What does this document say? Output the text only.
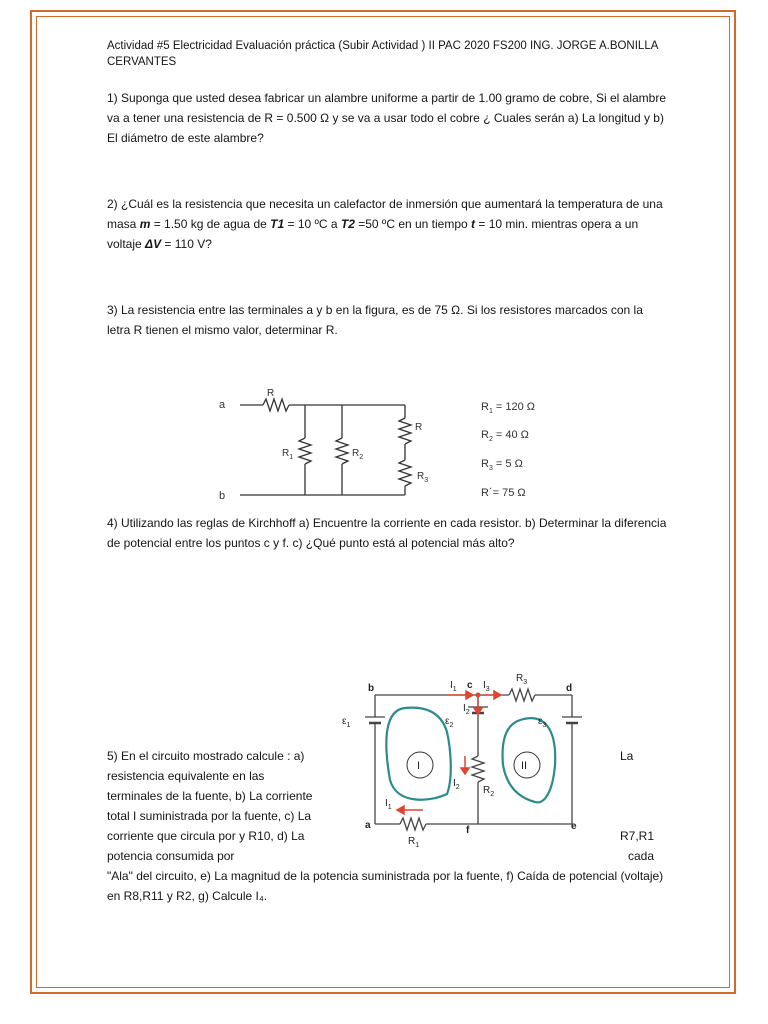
Actividad #5 Electricidad Evaluación práctica (Subir Actividad ) II PAC 2020 FS200 ING. JORGE A.BONILLA CERVANTES
1) Suponga que usted desea fabricar un alambre uniforme a partir de 1.00 gramo de cobre, Si el alambre va a tener una resistencia de R = 0.500 Ω y se va a usar todo el cobre ¿ Cuales serán a) La longitud y b) El diámetro de este alambre?
2) ¿Cuál es la resistencia que necesita un calefactor de inmersión que aumentará la temperatura de una masa m = 1.50 kg de agua de T1 = 10 ºC a T2 =50 ºC en un tiempo t = 10 min. mientras opera a un voltaje ΔV = 110 V?
3) La resistencia entre las terminales a y b en la figura, es de 75 Ω. Si los resistores marcados con la letra R tienen el mismo valor, determinar R.
a
b
R
$R_1$	$R_2$
R
$R_3$
$R_1 = 120$ Ω
$R_2 = 40$ Ω
$R_3 = 5$ Ω
R´= 75 Ω
4) Utilizando las reglas de Kirchhoff a) Encuentre la corriente en cada resistor. b) Determinar la diferencia de potencial entre los puntos c y f. c) ¿Qué punto está al potencial más alto?
b	c	d
a	f	e
$I_1$	$I_3$
$R_3$
$\varepsilon_1$	$\varepsilon_2$	$\varepsilon_3$
$I_2$
$I_2$ $R_2$
$I_1$
$R_1$
I	II
5) En el circuito mostrado calcule : a) resistencia equivalente en las terminales de la fuente, b) La corriente total I suministrada por la fuente, c) La corriente que circula por y R10, d) La potencia consumida por
La
R7,R1
cada
"Ala" del circuito, e) La magnitud de la potencia suministrada por la fuente, f) Caída de potencial (voltaje) en R8,R11 y R2, g) Calcule I₄.
